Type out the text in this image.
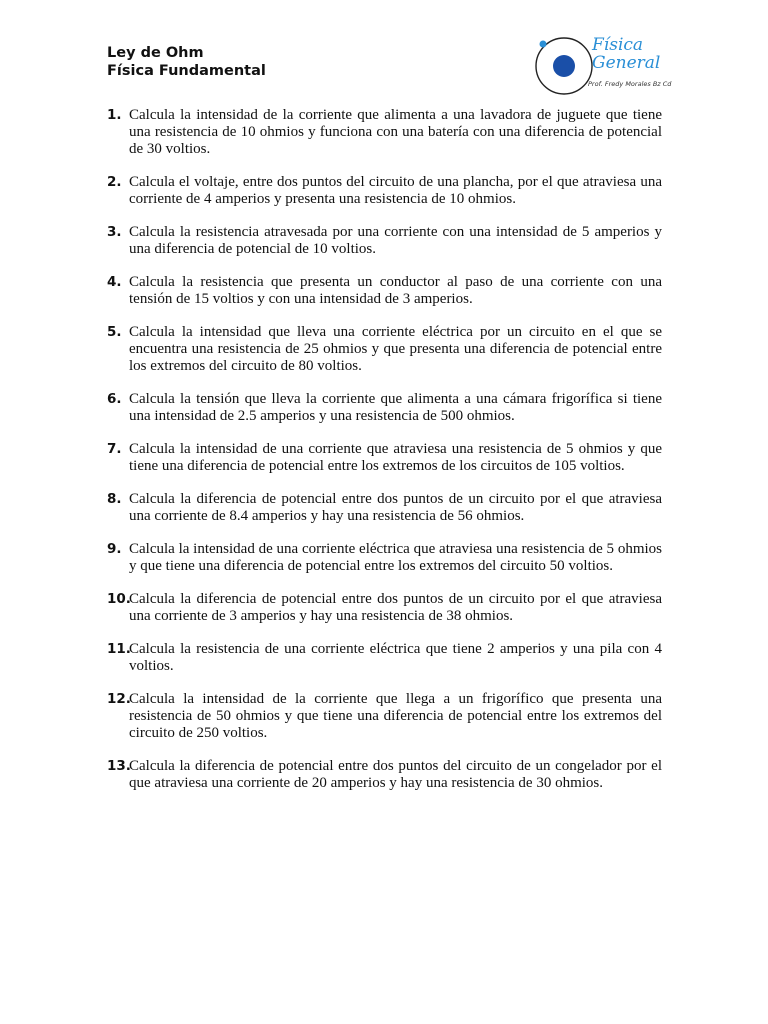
Ley de Ohm
Física Fundamental
Física
General
Prof. Fredy Morales Bz Cd
1. Calcula la intensidad de la corriente que alimenta a una lavadora de juguete que tiene una resistencia de 10 ohmios y funciona con una batería con una diferencia de potencial de 30 voltios.
2. Calcula el voltaje, entre dos puntos del circuito de una plancha, por el que atraviesa una corriente de 4 amperios y presenta una resistencia de 10 ohmios.
3. Calcula la resistencia atravesada por una corriente con una intensidad de 5 amperios y una diferencia de potencial de 10 voltios.
4. Calcula la resistencia que presenta un conductor al paso de una corriente con una tensión de 15 voltios y con una intensidad de 3 amperios.
5. Calcula la intensidad que lleva una corriente eléctrica por un circuito en el que se encuentra una resistencia de 25 ohmios y que presenta una diferencia de potencial entre los extremos del circuito de 80 voltios.
6. Calcula la tensión que lleva la corriente que alimenta a una cámara frigorífica si tiene una intensidad de 2.5 amperios y una resistencia de 500 ohmios.
7. Calcula la intensidad de una corriente que atraviesa una resistencia de 5 ohmios y que tiene una diferencia de potencial entre los extremos de los circuitos de 105 voltios.
8. Calcula la diferencia de potencial entre dos puntos de un circuito por el que atraviesa una corriente de 8.4 amperios y hay una resistencia de 56 ohmios.
9. Calcula la intensidad de una corriente eléctrica que atraviesa una resistencia de 5 ohmios y que tiene una diferencia de potencial entre los extremos del circuito 50 voltios.
10.
Calcula la diferencia de potencial entre dos puntos de un circuito por el que atraviesa una corriente de 3 amperios y hay una resistencia de 38 ohmios.
11.
Calcula la resistencia de una corriente eléctrica que tiene 2 amperios y una pila con 4 voltios.
12.
Calcula la intensidad de la corriente que llega a un frigorífico que presenta una resistencia de 50 ohmios y que tiene una diferencia de potencial entre los extremos del circuito de 250 voltios.
13.
Calcula la diferencia de potencial entre dos puntos del circuito de un congelador por el que atraviesa una corriente de 20 amperios y hay una resistencia de 30 ohmios.
